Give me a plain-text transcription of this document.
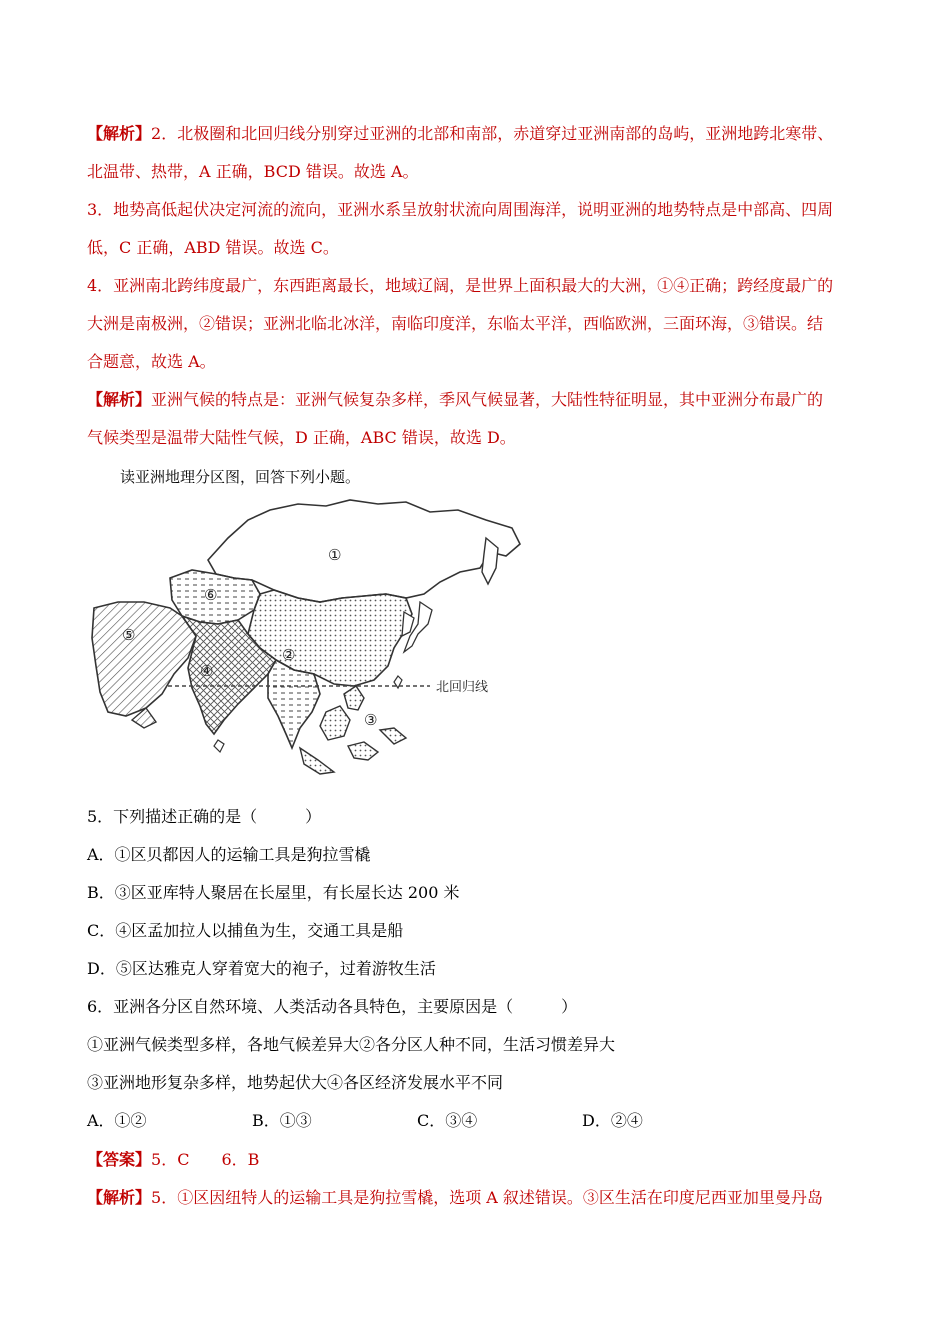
【解析】2．北极圈和北回归线分别穿过亚洲的北部和南部，赤道穿过亚洲南部的岛屿，亚洲地跨北寒带、
北温带、热带，A 正确，BCD 错误。故选 A。
3．地势高低起伏决定河流的流向，亚洲水系呈放射状流向周围海洋，说明亚洲的地势特点是中部高、四周
低，C 正确，ABD 错误。故选 C。
4．亚洲南北跨纬度最广，东西距离最长，地域辽阔，是世界上面积最大的大洲，①④正确；跨经度最广的
大洲是南极洲，②错误；亚洲北临北冰洋，南临印度洋，东临太平洋，西临欧洲，三面环海，③错误。结
合题意，故选 A。
【解析】亚洲气候的特点是：亚洲气候复杂多样，季风气候显著，大陆性特征明显，其中亚洲分布最广的
气候类型是温带大陆性气候，D 正确，ABC 错误，故选 D。
读亚洲地理分区图，回答下列小题。
①
②
③
④
⑤
⑥
北回归线
5．下列描述正确的是（　　　）
A．①区贝都因人的运输工具是狗拉雪橇
B．③区亚库特人聚居在长屋里，有长屋长达 200 米
C．④区孟加拉人以捕鱼为生，交通工具是船
D．⑤区达雅克人穿着宽大的袍子，过着游牧生活
6．亚洲各分区自然环境、人类活动各具特色，主要原因是（　　　）
①亚洲气候类型多样，各地气候差异大②各分区人种不同，生活习惯差异大
③亚洲地形复杂多样，地势起伏大④各区经济发展水平不同
A．①②	B．①③	C．③④	D．②④
【答案】5．C　　6．B
【解析】5．①区因纽特人的运输工具是狗拉雪橇，选项 A 叙述错误。③区生活在印度尼西亚加里曼丹岛
